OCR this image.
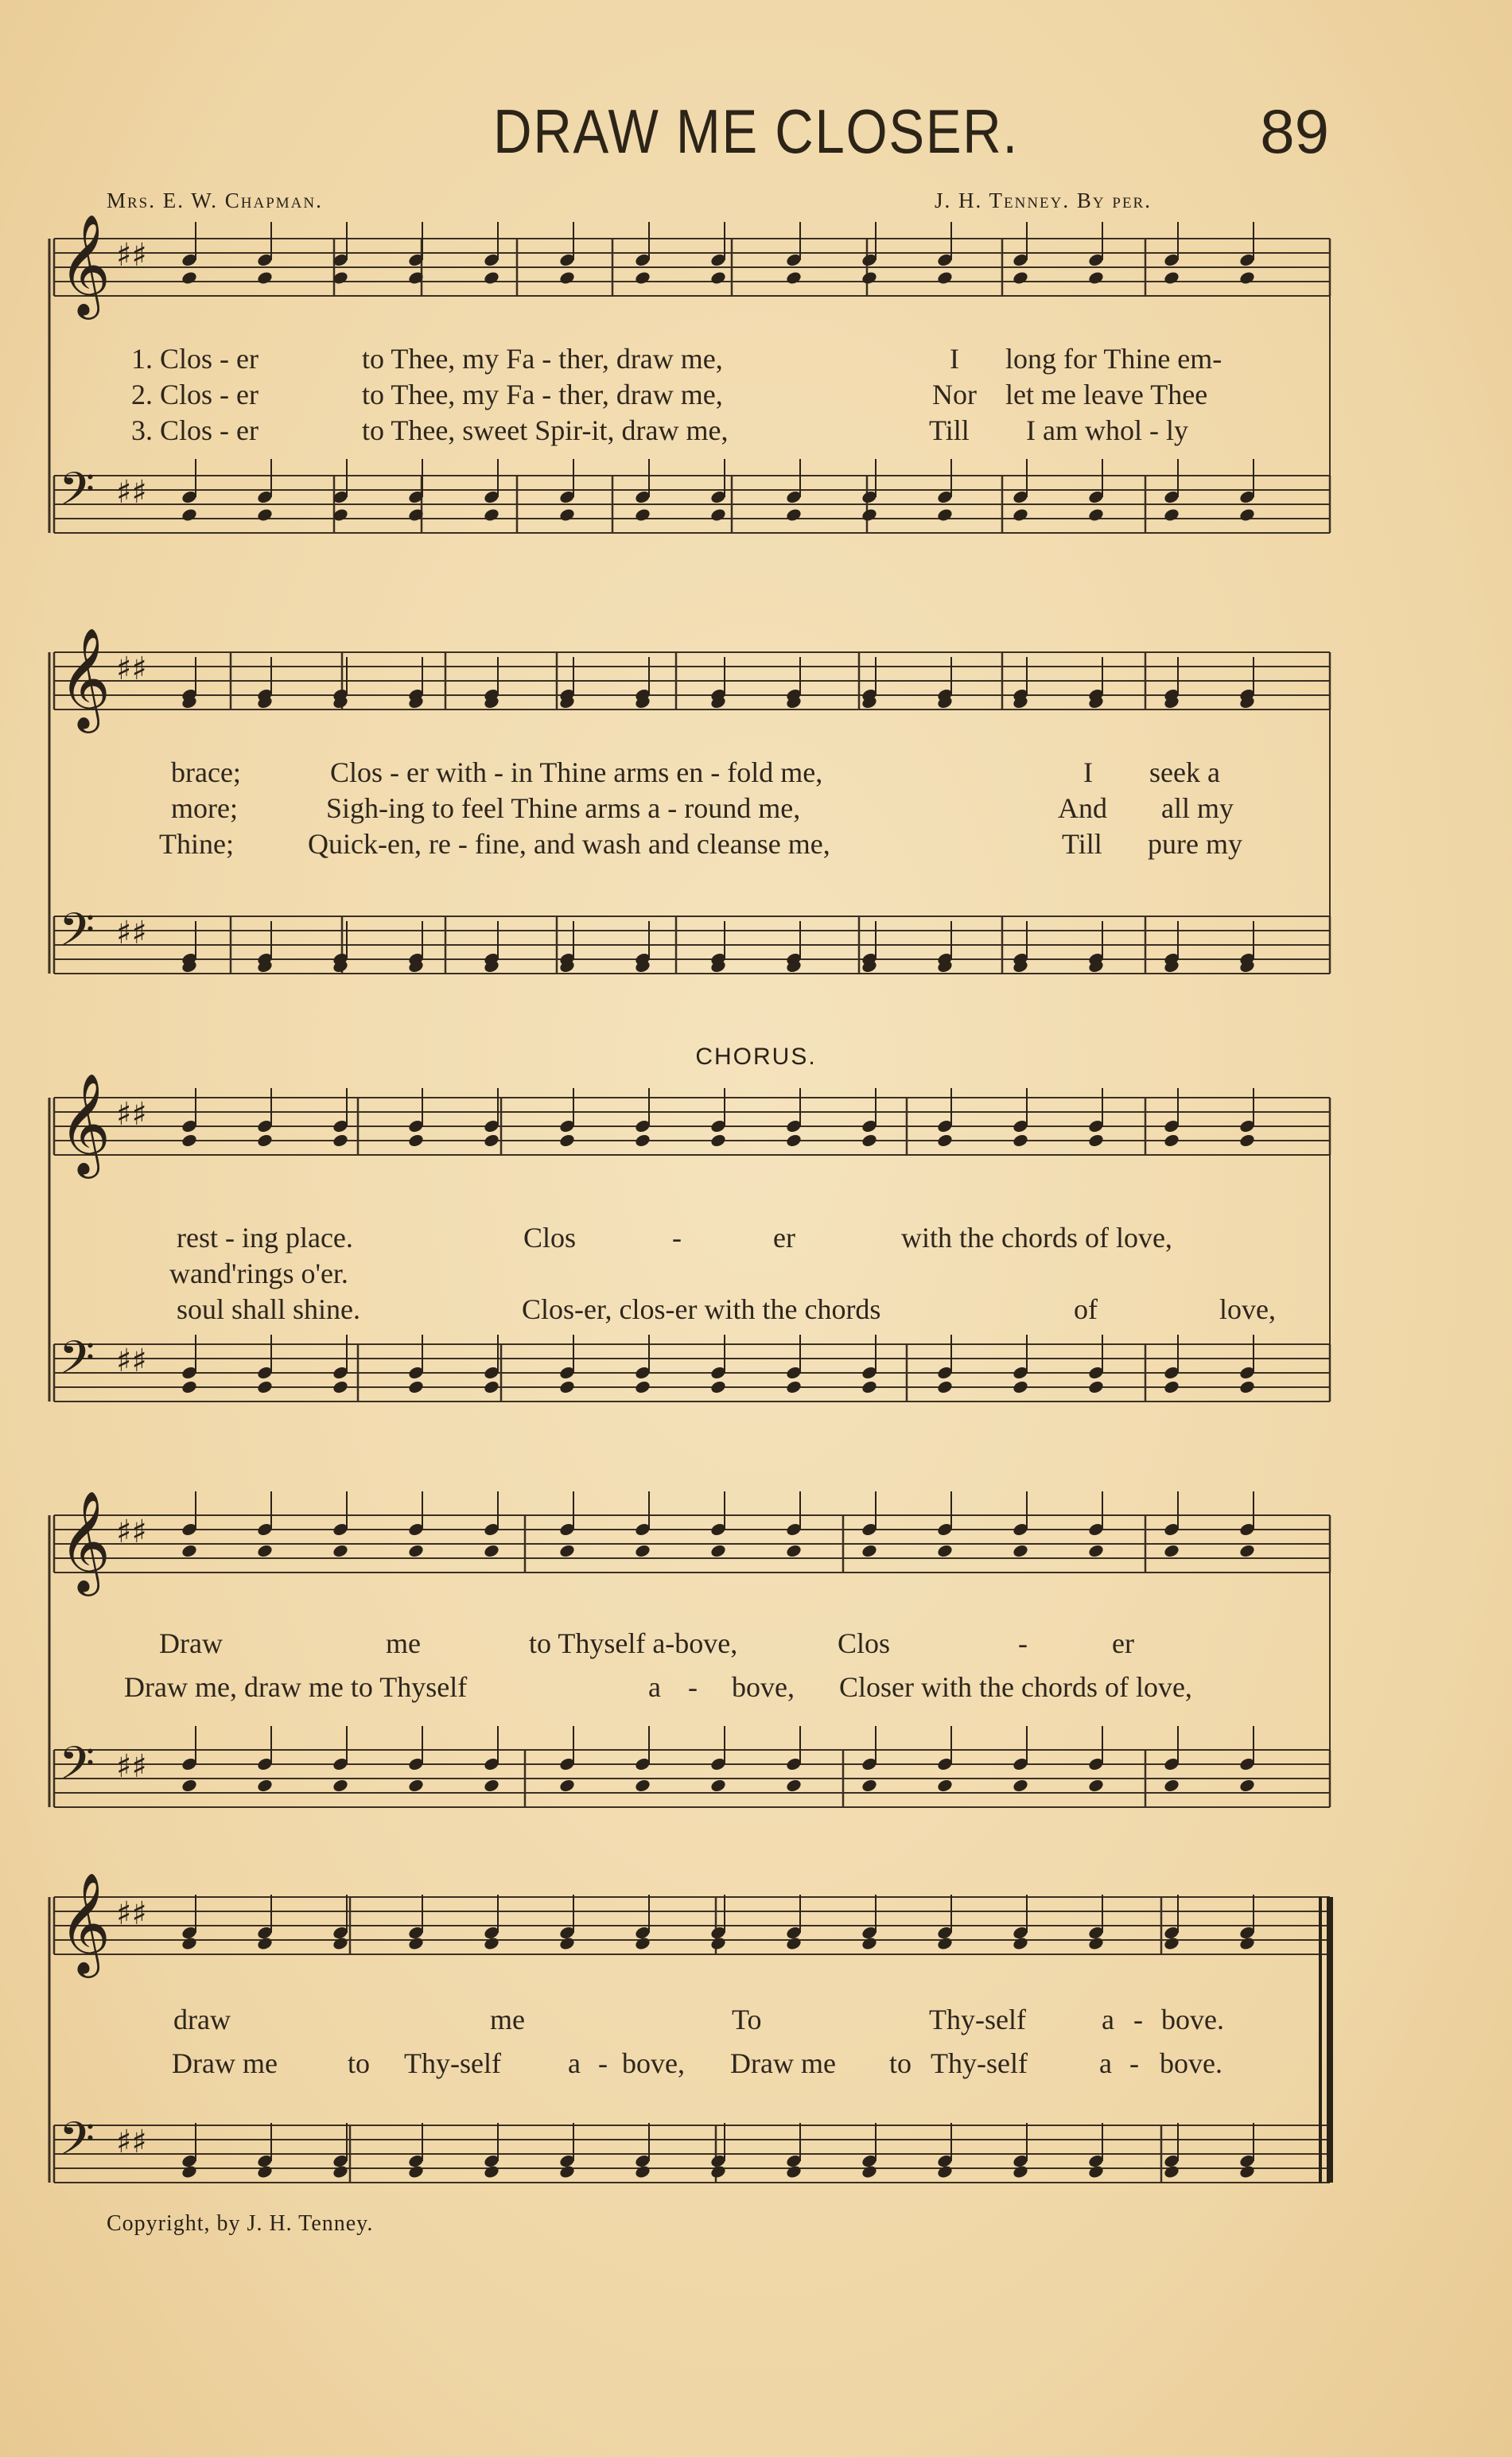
DRAW ME CLOSER.	89
Mrs. E. W. Chapman.	J. H. Tenney. By per.
𝄞 ♯♯
𝄢 ♯♯
𝄞 ♯♯
𝄢 ♯♯
𝄞 ♯♯
𝄢 ♯♯
𝄞 ♯♯
𝄢 ♯♯
𝄞 ♯♯
𝄢 ♯♯
1. Clos - er	to Thee, my Fa - ther, draw me,	I long for Thine em-
2. Clos - er	to Thee, my Fa - ther, draw me,	Nor let me leave Thee
3. Clos - er	to Thee, sweet Spir-it, draw me,	Till I am whol - ly
brace;	Clos - er with - in Thine arms en - fold me,	I seek a
more;	Sigh-ing to feel Thine arms a - round me,	And all my
Thine;	Quick-en, re - fine, and wash and cleanse me,	Till pure my
CHORUS.
rest - ing place.	Clos	-	er	with the chords of love,
wand'rings o'er.
soul shall shine.	Clos-er, clos-er with the chords	of	love,
Draw	me	to Thyself a-bove,	Clos	-	er
Draw me, draw me to Thyself	a - bove, Closer with the chords of love,
draw	me	To	Thy-self	a - bove.
Draw me to Thy-self a - bove, Draw me to Thy-self	a - bove.
Copyright, by J. H. Tenney.
